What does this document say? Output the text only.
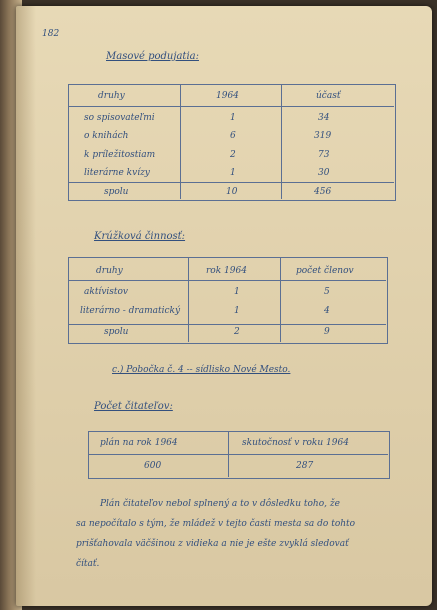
182
Masové podujatia:
druhy	1964	účasť
so spisovateľmi	1	34
o knihách	6	319
k príležitostiam	2	73
literárne kvízy	1	30
spolu	10	456
Krúžková činnosť:
druhy	rok 1964	počet členov
aktívistov	1	5
literárno - dramatický	1	4
spolu	2	9
c.) Pobočka č. 4 -- sídlisko Nové Mesto.
Počet čitateľov:
plán na rok 1964	skutočnosť v roku 1964
600	287
Plán čitateľov nebol splnený a to v dôsledku toho, že
sa nepočítalo s tým, že mládež v tejto časti mesta sa do tohto
prišťahovala väčšinou z vidieka a nie je ešte zvyklá sledovať
čítať.
